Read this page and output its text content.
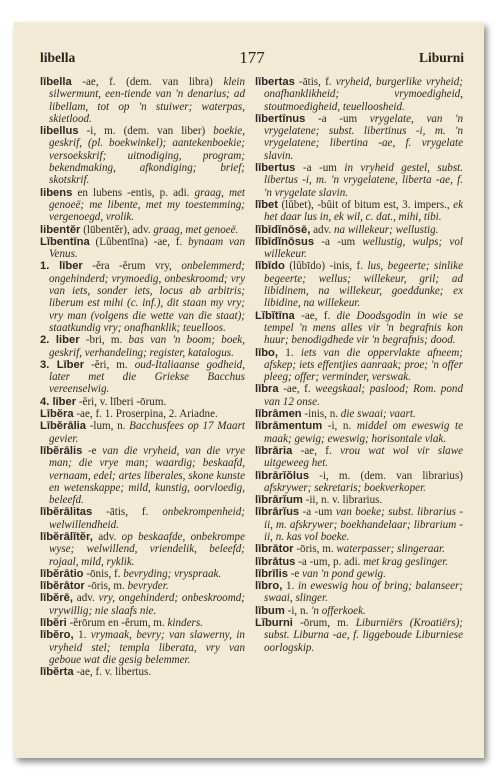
libella	177	Liburni

lībella -ae, f. (dem. van libra) klein silwermunt, een-tiende van 'n denarius; ad libellam, tot op 'n stuiwer; waterpas, skietlood.

libellus -i, m. (dem. van liber) boekie, geskrif, (pl. boekwinkel); aantekenboekie; versoekskrif; uitnodiging, program; bekendmaking, afkondiging; brief; skotskrif.

libens en lubens -entis, p. adi. graag, met genoeë; me libente, met my toestemming; vergenoegd, vrolik.

libentĕr (lūbentĕr), adv. graag, met genoeë.

Lĭbentīna (Lŭbentīna) -ae, f. bynaam van Venus.

1. līber -ĕra -ĕrum vry, onbelemmerd; ongehinderd; vrymoedig, onbeskroomd; vry van iets, sonder iets, locus ab arbitris; liberum est mihi (c. inf.), dit staan my vry; vry man (volgens die wette van die staat); staatkundig vry; onafhanklik; teuelloos.

2. liber -bri, m. bas van 'n boom; boek, geskrif, verhandeling; register, katalogus.

3. Līber -ĕri, m. oud-Italiaanse godheid, later met die Griekse Bacchus vereenselwig.

4. līber -ĕri, v. līberi -ōrum.

Lībĕra -ae, f. 1. Proserpina, 2. Ariadne.

Lībĕrālia -lum, n. Bacchusfees op 17 Maart gevier.

lībĕrālis -e van die vryheid, van die vrye man; die vrye man; waardig; beskaafd, vernaam, edel; artes liberales, skone kunste en wetenskappe; mild, kunstig, oorvloedig, beleefd.

lībĕrālitas -ātis, f. onbekrompenheid; welwillendheid.

lībĕrālĭtĕr, adv. op beskaafde, onbekrompe wyse; welwillend, vriendelik, beleefd; rojaal, mild, ryklik.

lībĕrātio -ōnis, f. bevryding; vryspraak.

lībĕrātor -ōris, m. bevryder.

lībĕrē, adv. vry, ongehinderd; onbeskroomd; vrywillig; nie slaafs nie.

lībĕri -ĕrōrum en -ĕrum, m. kinders.

lībĕro, 1. vrymaak, bevry; van slawerny, in vryheid stel; templa liberata, vry van geboue wat die gesig belemmer.

lībĕrta -ae, f. v. libertus.

lībertas -ātis, f. vryheid, burgerlike vryheid; onafhanklikheid; vrymoedigheid, stoutmoedigheid, teuelloosheid.

lībertīnus -a -um vrygelate, van 'n vrygelatene; subst. libertinus -i, m. 'n vrygelatene; libertina -ae, f. vrygelate slavin.

lībertus -a -um in vryheid gestel, subst. libertus -i, m. 'n vrygelatene, liberta -ae, f. 'n vrygelate slavin.

lĭbet (lŭbet), -bŭit of bitum est, 3. impers., ek het daar lus in, ek wil, c. dat., mihi, tibi.

lĭbīdĭnōsē, adv. na willekeur; wellustig.

lĭbīdĭnōsus -a -um wellustig, wulps; vol willekeur.

lĭbīdo (lŭbīdo) -inis, f. lus, begeerte; sinlike begeerte; wellus; willekeur, gril; ad libidinem, na willekeur, goeddunke; ex libidine, na willekeur.

Lĭbĭtīna -ae, f. die Doodsgodin in wie se tempel 'n mens alles vir 'n begrafnis kon huur; benodigdhede vir 'n begrafnis; dood.

lībo, 1. iets van die oppervlakte afneem; afskep; iets effentjies aanraak; proe; 'n offer pleeg; offer; verminder, verswak.

lībra -ae, f. weegskaal; paslood; Rom. pond van 12 onse.

lībrāmen -inis, n. die swaai; vaart.

lībrāmentum -i, n. middel om eweswig te maak; gewig; eweswig; horisontale vlak.

lībrāria -ae, f. vrou wat wol vir slawe uitgeweeg het.

lībrārĭŏlus -i, m. (dem. van librarius) afskrywer; sekretaris; boekverkoper.

lībrārĭum -ii, n. v. librarius.

lībrārĭus -a -um van boeke; subst. librarius -ii, m. afskrywer; boekhandelaar; librarium -ii, n. kas vol boeke.

lībrātor -ōris, m. waterpasser; slingeraar.

lībrātus -a -um, p. adi. met krag geslinger.

lībrīlis -e van 'n pond gewig.

lībro, 1. in eweswig hou of bring; balanseer; swaai, slinger.

lībum -i, n. 'n offerkoek.

Lĭburni -ōrum, m. Liburniërs (Kroatiërs); subst. Liburna -ae, f. liggeboude Liburniese oorlogskip.
